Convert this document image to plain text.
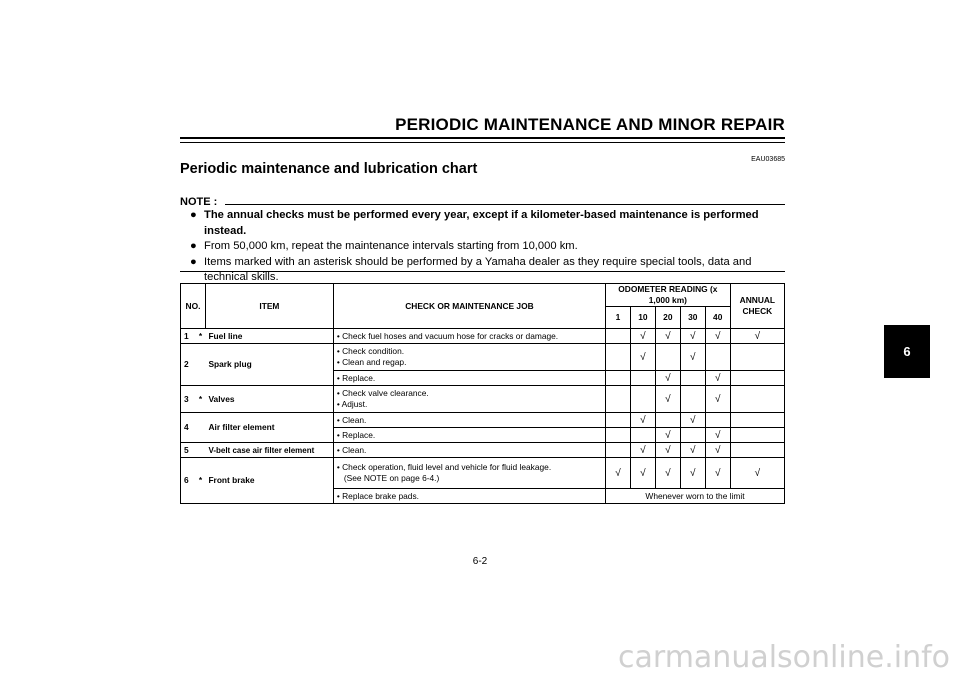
PERIODIC MAINTENANCE AND MINOR REPAIR
EAU03685
Periodic maintenance and lubrication chart
NOTE :
● The annual checks must be performed every year, except if a kilometer-based maintenance is performed instead.
● From 50,000 km, repeat the maintenance intervals starting from 10,000 km.
● Items marked with an asterisk should be performed by a Yamaha dealer as they require special tools, data and technical skills.
NO.		ITEM	CHECK OR MAINTENANCE JOB	ODOMETER READING (x 1,000 km)					ANNUAL CHECK
				1	10	20	30	40	
1	*	Fuel line	• Check fuel hoses and vacuum hose for cracks or damage.		√	√	√	√	√
2		Spark plug	• Check condition.
• Clean and regap.		√		√		

			• Replace.			√		√	
3	*	Valves	• Check valve clearance.
• Adjust.			√		√	
4		Air filter element	• Clean.		√		√		

			• Replace.			√		√	
5		V-belt case air filter element	• Clean.		√	√	√	√	
6	*	Front brake	• Check operation, fluid level and vehicle for fluid leakage.
(See NOTE on page 6-4.)	√	√	√	√	√	√

			• Replace brake pads.	Whenever worn to the limit					
6
6-2
carmanualsonline.info
